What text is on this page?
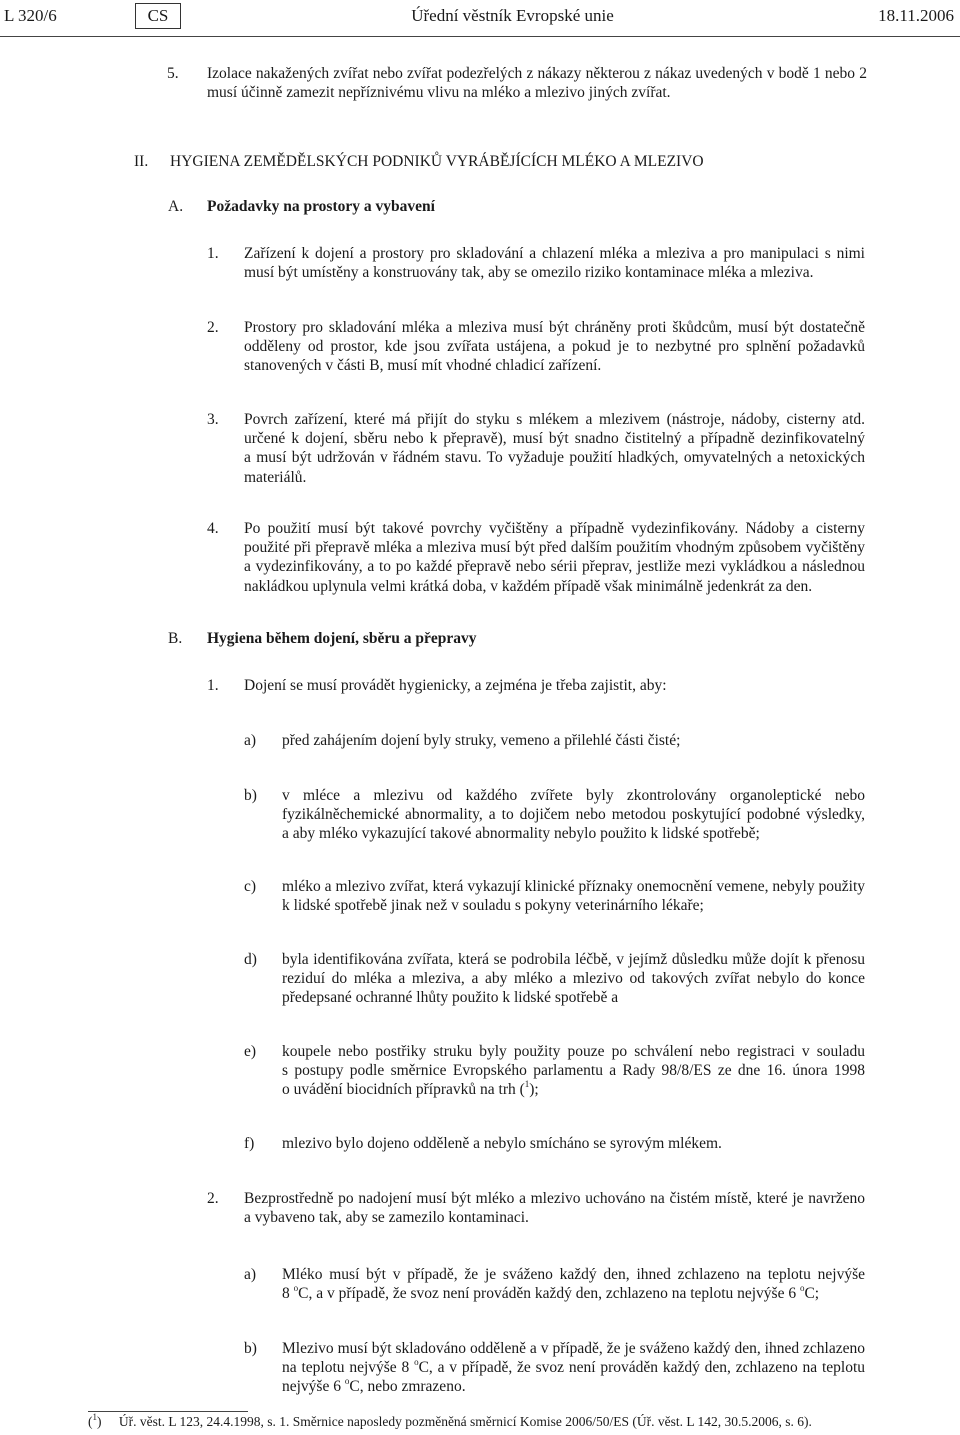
L 320/6	CS	Úřední věstník Evropské unie	18.11.2006
5. Izolace nakažených zvířat nebo zvířat podezřelých z nákazy některou z nákaz uvedených v bodě 1 nebo 2
musí účinně zamezit nepříznivému vlivu na mléko a mlezivo jiných zvířat.
II. HYGIENA ZEMĚDĚLSKÝCH PODNIKŮ VYRÁBĚJÍCÍCH MLÉKO A MLEZIVO
A. Požadavky na prostory a vybavení
1. Zařízení k dojení a prostory pro skladování a chlazení mléka a mleziva a pro manipulaci s nimi
musí být umístěny a konstruovány tak, aby se omezilo riziko kontaminace mléka a mleziva.
2. Prostory pro skladování mléka a mleziva musí být chráněny proti škůdcům, musí být dostatečně
odděleny od prostor, kde jsou zvířata ustájena, a pokud je to nezbytné pro splnění požadavků
stanovených v části B, musí mít vhodné chladicí zařízení.
3. Povrch zařízení, které má přijít do styku s mlékem a mlezivem (nástroje, nádoby, cisterny atd.
určené k dojení, sběru nebo k přepravě), musí být snadno čistitelný a případně dezinfikovatelný
a musí být udržován v řádném stavu. To vyžaduje použití hladkých, omyvatelných a netoxických
materiálů.
4. Po použití musí být takové povrchy vyčištěny a případně vydezinfikovány. Nádoby a cisterny
použité při přepravě mléka a mleziva musí být před dalším použitím vhodným způsobem vyčištěny
a vydezinfikovány, a to po každé přepravě nebo sérii přeprav, jestliže mezi vykládkou a následnou
nakládkou uplynula velmi krátká doba, v každém případě však minimálně jedenkrát za den.
B. Hygiena během dojení, sběru a přepravy
1. Dojení se musí provádět hygienicky, a zejména je třeba zajistit, aby:
a) před zahájením dojení byly struky, vemeno a přilehlé části čisté;
b) v mléce a mlezivu od každého zvířete byly zkontrolovány organoleptické nebo
fyzikálněchemické abnormality, a to dojičem nebo metodou poskytující podobné výsledky,
a aby mléko vykazující takové abnormality nebylo použito k lidské spotřebě;
c) mléko a mlezivo zvířat, která vykazují klinické příznaky onemocnění vemene, nebyly použity
k lidské spotřebě jinak než v souladu s pokyny veterinárního lékaře;
d) byla identifikována zvířata, která se podrobila léčbě, v jejímž důsledku může dojít k přenosu
reziduí do mléka a mleziva, a aby mléko a mlezivo od takových zvířat nebylo do konce
předepsané ochranné lhůty použito k lidské spotřebě a
e) koupele nebo postřiky struku byly použity pouze po schválení nebo registraci v souladu
s postupy podle směrnice Evropského parlamentu a Rady 98/8/ES ze dne 16. února 1998
o uvádění biocidních přípravků na trh ($^1$);
f) mlezivo bylo dojeno odděleně a nebylo smícháno se syrovým mlékem.
2. Bezprostředně po nadojení musí být mléko a mlezivo uchováno na čistém místě, které je navrženo
a vybaveno tak, aby se zamezilo kontaminaci.
a) Mléko musí být v případě, že je sváženo každý den, ihned zchlazeno na teplotu nejvýše
8 $^o$C, a v případě, že svoz není prováděn každý den, zchlazeno na teplotu nejvýše 6 $^o$C;
b) Mlezivo musí být skladováno odděleně a v případě, že je sváženo každý den, ihned zchlazeno
na teplotu nejvýše 8 $^o$C, a v případě, že svoz není prováděn každý den, zchlazeno na teplotu
nejvýše 6 $^o$C, nebo zmrazeno.
($^1$) Úř. věst. L 123, 24.4.1998, s. 1. Směrnice naposledy pozměněná směrnicí Komise 2006/50/ES (Úř. věst. L 142, 30.5.2006, s. 6).
